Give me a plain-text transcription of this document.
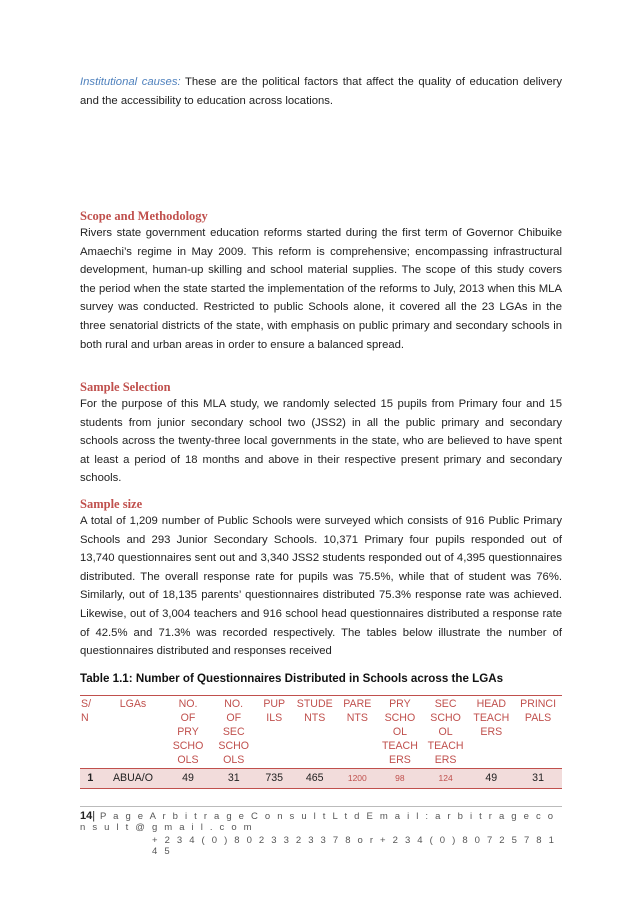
Institutional causes: These are the political factors that affect the quality of education delivery and the accessibility to education across locations.

Scope and Methodology

Rivers state government education reforms started during the first term of Governor Chibuike Amaechi’s regime in May 2009. This reform is comprehensive; encompassing infrastructural development, human-up skilling and school material supplies. The scope of this study covers the period when the state started the implementation of the reforms to July, 2013 when this MLA survey was conducted. Restricted to public Schools alone, it covered all the 23 LGAs in the three senatorial districts of the state, with emphasis on public primary and secondary schools in both rural and urban areas in order to ensure a balanced spread.

Sample Selection

For the purpose of this MLA study, we randomly selected 15 pupils from Primary four and 15 students from junior secondary school two (JSS2) in all the public primary and secondary schools across the twenty-three local governments in the state, who are believed to have spent at least a period of 18 months and above in their respective present primary and secondary schools.

Sample size

A total of 1,209 number of Public Schools were surveyed which consists of 916 Public Primary Schools and 293 Junior Secondary Schools. 10,371 Primary four pupils responded out of 13,740 questionnaires sent out and 3,340 JSS2 students responded out of 4,395 questionnaires distributed. The overall response rate for pupils was 75.5%, while that of student was 76%. Similarly, out of 18,135 parents’ questionnaires distributed 75.3% response rate was achieved. Likewise, out of 3,004 teachers and 916 school head questionnaires distributed a response rate of 42.5% and 71.3% was recorded respectively. The tables below illustrate the number of questionnaires distributed and responses received

Table 1.1: Number of Questionnaires Distributed in Schools across the LGAs

S/
N	LGAs	NO.
OF
PRY
SCHO
OLS	NO.
OF
SEC
SCHO
OLS	PUP
ILS	STUDE
NTS	PARE
NTS	PRY
SCHO
OL
TEACH
ERS	SEC
SCHO
OL
TEACH
ERS	HEAD
TEACH
ERS	PRINCI
PALS
1	ABUA/O	49	31	735	465	1200	98	124	49	31
14| P a g e A r b i t r a g e C o n s u l t L t d E m a i l : a r b i t r a g e c o n s u l t @ g m a i l . c o m
+ 2 3 4 ( 0 ) 8 0 2 3 3 2 3 3 7 8 o r + 2 3 4 ( 0 ) 8 0 7 2 5 7 8 1 4 5
